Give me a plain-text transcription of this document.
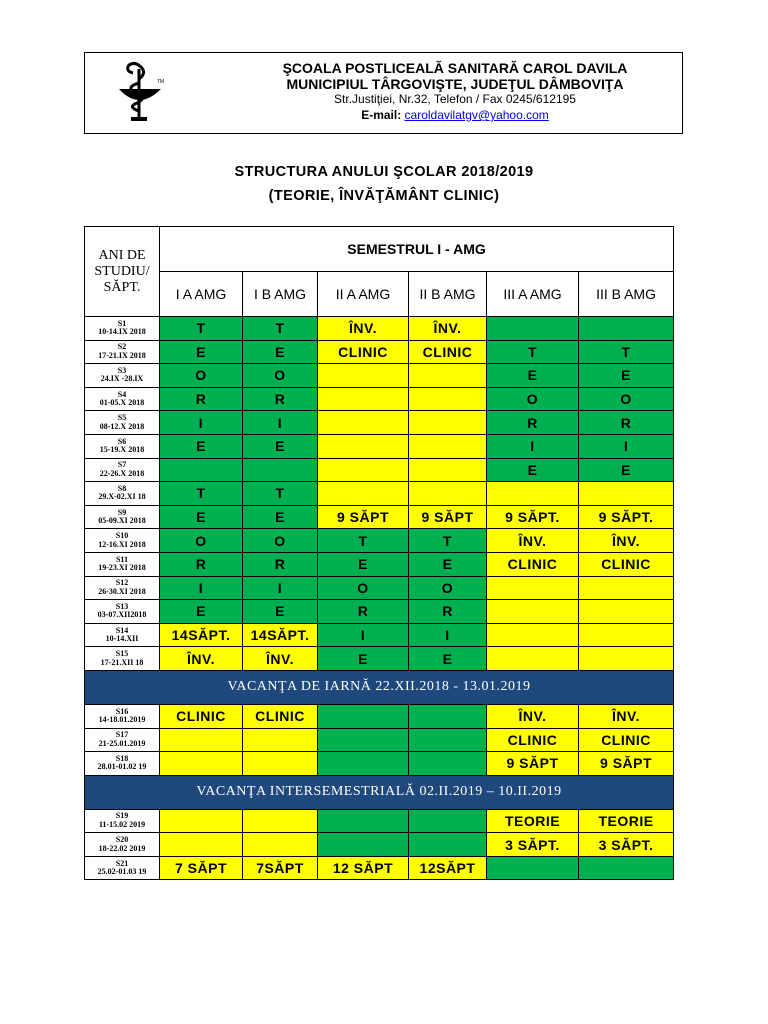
TM
ŞCOALA POSTLICEALĂ SANITARĂ CAROL DAVILA
MUNICIPIUL TÂRGOVIŞTE, JUDEŢUL DÂMBOVIŢA
Str.Justiţiei, Nr.32, Telefon / Fax 0245/612195
E-mail: caroldavilatgv@yahoo.com
STRUCTURA ANULUI ŞCOLAR 2018/2019
(TEORIE, ÎNVĂŢĂMÂNT CLINIC)
ANI DE STUDIU/ SĂPT.	SEMESTRUL I - AMG					
	I A AMG	I B AMG	II A AMG	II B AMG	III A AMG	III B AMG

S1
10-14.IX 2018	T	T	ÎNV.	ÎNV.		

S2
17-21.IX 2018	E	E	CLINIC	CLINIC	T	T

S3
24.IX -28.IX	O	O			E	E

S4
01-05.X 2018	R	R			O	O

S5
08-12.X 2018	I	I			R	R

S6
15-19.X 2018	E	E			I	I

S7
22-26.X 2018					E	E

S8
29.X-02.XI 18	T	T				

S9
05-09.XI 2018	E	E	9 SĂPT	9 SĂPT	9 SĂPT.	9 SĂPT.

S10
12-16.XI 2018	O	O	T	T	ÎNV.	ÎNV.

S11
19-23.XI 2018	R	R	E	E	CLINIC	CLINIC

S12
26-30.XI 2018	I	I	O	O		

S13
03-07.XII2018	E	E	R	R		

S14
10-14.XII	14SĂPT.	14SĂPT.	I	I		

S15
17-21.XII 18	ÎNV.	ÎNV.	E	E		
VACANŢA DE IARNĂ 22.XII.2018 - 13.01.2019						

S16
14-18.01.2019	CLINIC	CLINIC			ÎNV.	ÎNV.

S17
21-25.01.2019					CLINIC	CLINIC

S18
28.01-01.02 19					9 SĂPT	9 SĂPT
VACANŢA INTERSEMESTRIALĂ 02.II.2019 – 10.II.2019						

S19
11-15.02 2019					TEORIE	TEORIE

S20
18-22.02 2019					3 SĂPT.	3 SĂPT.

S21
25.02-01.03 19	7 SĂPT	7SĂPT	12 SĂPT	12SĂPT		
